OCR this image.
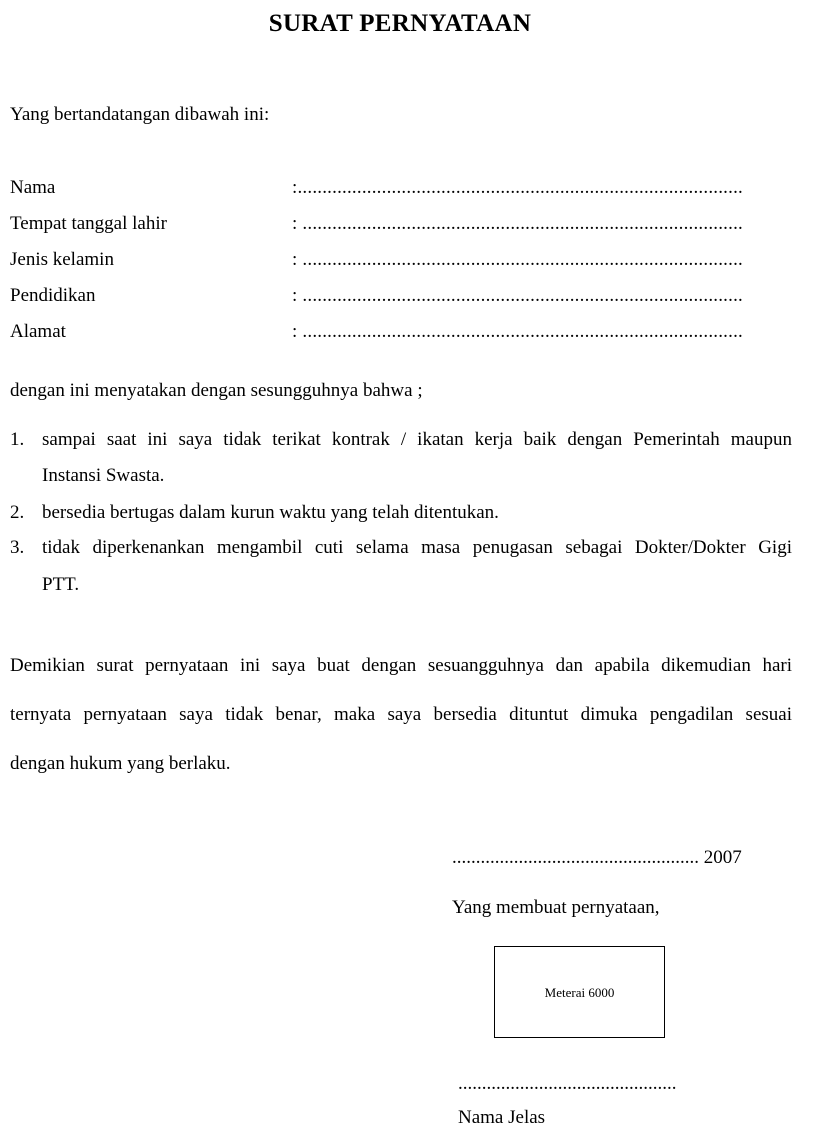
SURAT PERNYATAAN
Yang bertandatangan dibawah ini:
Nama	:..........................................................................................
Tempat tanggal lahir	: .........................................................................................
Jenis kelamin	: .........................................................................................
Pendidikan	: .........................................................................................
Alamat	: .........................................................................................
dengan ini menyatakan dengan sesungguhnya bahwa ;
1. sampai saat ini saya tidak terikat kontrak / ikatan kerja baik dengan Pemerintah maupun
Instansi Swasta.
2. bersedia bertugas dalam kurun waktu yang telah ditentukan.
3. tidak diperkenankan mengambil cuti selama masa penugasan sebagai Dokter/Dokter Gigi
PTT.
Demikian surat pernyataan ini saya buat dengan sesuangguhnya dan apabila dikemudian hari
ternyata pernyataan saya tidak benar, maka saya bersedia dituntut dimuka pengadilan sesuai
dengan hukum yang berlaku.
.................................................... 2007
Yang membuat pernyataan,
Meterai 6000
..............................................
Nama Jelas
